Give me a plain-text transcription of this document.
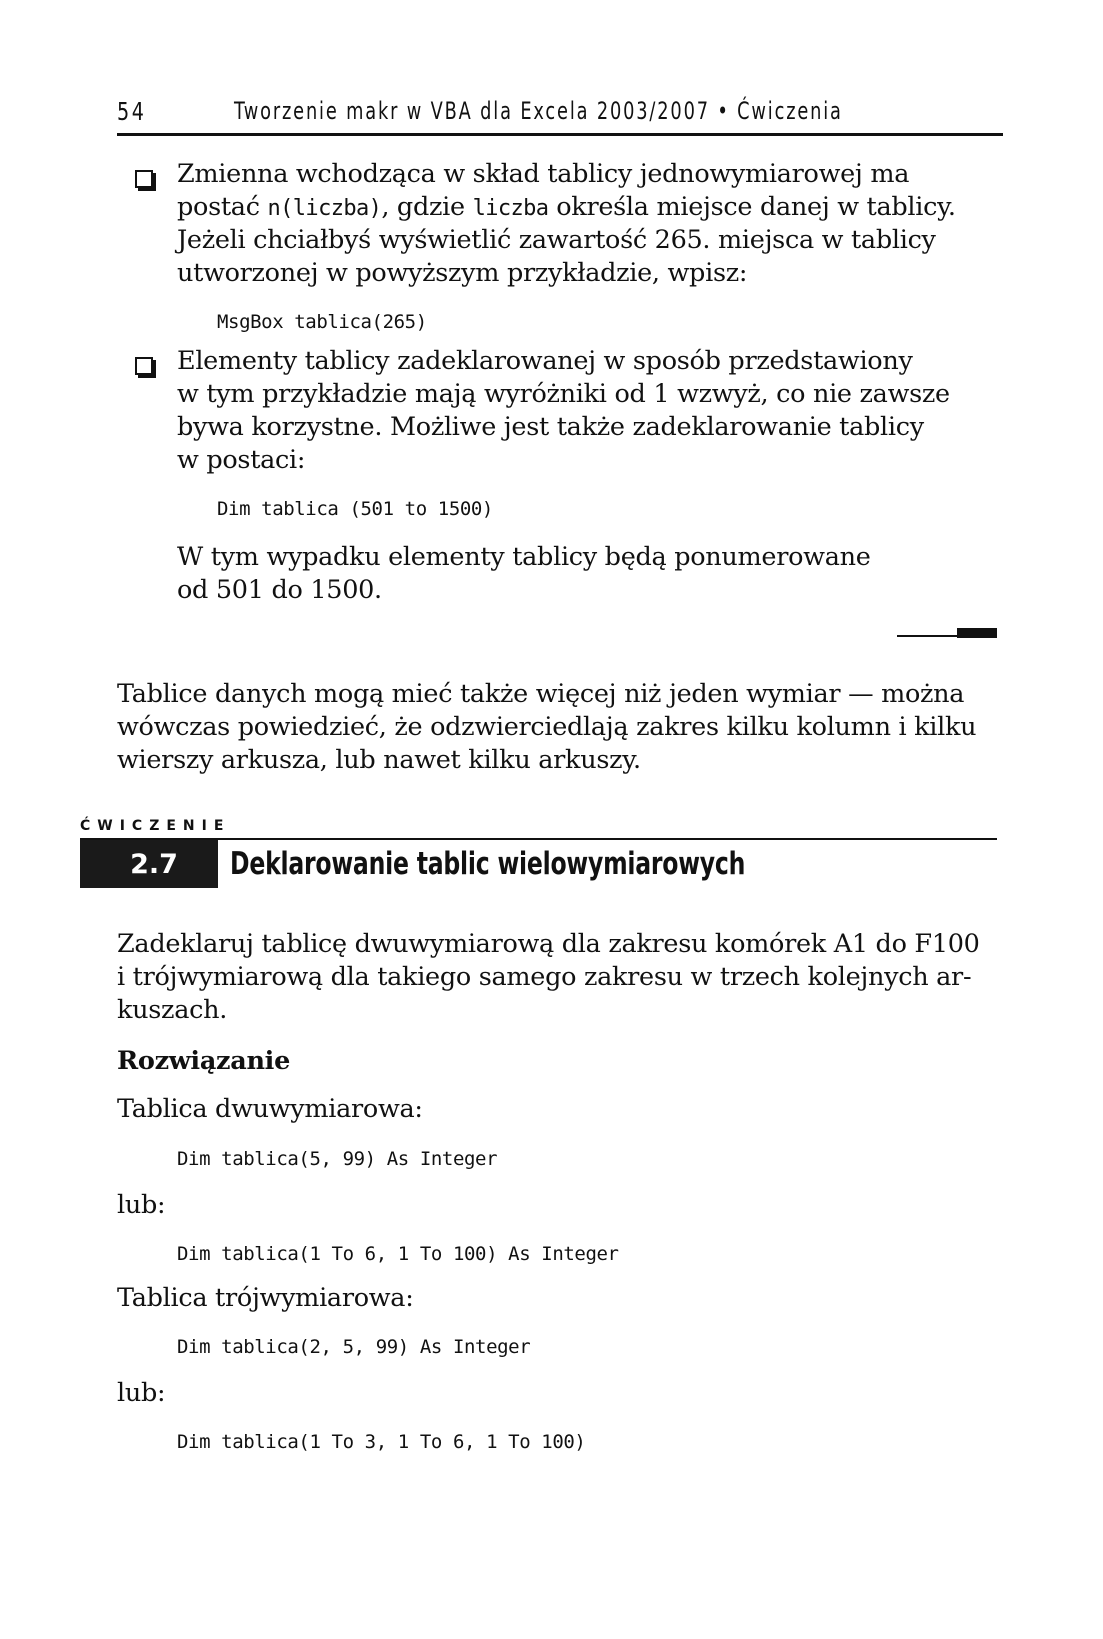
54	Tworzenie makr w VBA dla Excela 2003/2007 • Ćwiczenia
Zmienna wchodząca w skład tablicy jednowymiarowej ma
postać n(liczba), gdzie liczba określa miejsce danej w tablicy.
Jeżeli chciałbyś wyświetlić zawartość 265. miejsca w tablicy
utworzonej w powyższym przykładzie, wpisz:
MsgBox tablica(265)
Elementy tablicy zadeklarowanej w sposób przedstawiony
w tym przykładzie mają wyróżniki od 1 wzwyż, co nie zawsze
bywa korzystne. Możliwe jest także zadeklarowanie tablicy
w postaci:
Dim tablica (501 to 1500)
W tym wypadku elementy tablicy będą ponumerowane
od 501 do 1500.
Tablice danych mogą mieć także więcej niż jeden wymiar — można
wówczas powiedzieć, że odzwierciedlają zakres kilku kolumn i kilku
wierszy arkusza, lub nawet kilku arkuszy.
ĆWICZENIE
2.7	Deklarowanie tablic wielowymiarowych
Zadeklaruj tablicę dwuwymiarową dla zakresu komórek A1 do F100
i trójwymiarową dla takiego samego zakresu w trzech kolejnych ar-
kuszach.
Rozwiązanie
Tablica dwuwymiarowa:
Dim tablica(5, 99) As Integer
lub:
Dim tablica(1 To 6, 1 To 100) As Integer
Tablica trójwymiarowa:
Dim tablica(2, 5, 99) As Integer
lub:
Dim tablica(1 To 3, 1 To 6, 1 To 100)
